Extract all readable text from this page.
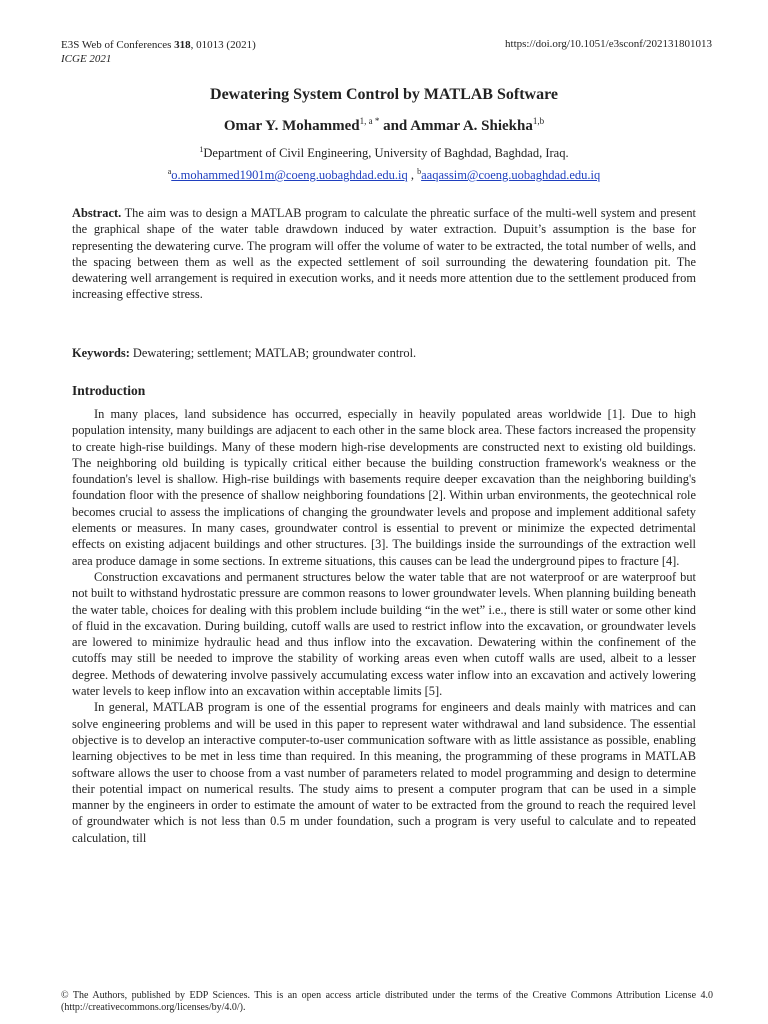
E3S Web of Conferences 318, 01013 (2021)
ICGE 2021
https://doi.org/10.1051/e3sconf/202131801013
Dewatering System Control by MATLAB Software
Omar Y. Mohammed$^{1, a *}$ and Ammar A. Shiekha$^{1,b}$
$^1$Department of Civil Engineering, University of Baghdad, Baghdad, Iraq.
$^a$o.mohammed1901m@coeng.uobaghdad.edu.iq , $^b$aaqassim@coeng.uobaghdad.edu.iq
Abstract. The aim was to design a MATLAB program to calculate the phreatic surface of the multi-well system and present the graphical shape of the water table drawdown induced by water extraction. Dupuit’s assumption is the base for representing the dewatering curve. The program will offer the volume of water to be extracted, the total number of wells, and the spacing between them as well as the expected settlement of soil surrounding the dewatering foundation pit. The dewatering well arrangement is required in execution works, and it needs more attention due to the settlement produced from increasing effective stress.
Keywords: Dewatering; settlement; MATLAB; groundwater control.
Introduction

In many places, land subsidence has occurred, especially in heavily populated areas worldwide [1]. Due to high population intensity, many buildings are adjacent to each other in the same block area. These factors increased the propensity to create high-rise buildings. Many of these modern high-rise developments are constructed next to existing old buildings. The neighboring old building is typically critical either because the building construction framework's weakness or the foundation's level is shallow. High-rise buildings with basements require deeper excavation than the neighboring building's foundation floor with the presence of shallow neighboring foundations [2]. Within urban environments, the geotechnical role becomes crucial to assess the implications of changing the groundwater levels and propose and implement additional safety elements or measures. In many cases, groundwater control is essential to prevent or minimize the expected detrimental effects on existing adjacent buildings and other structures. [3]. The buildings inside the surroundings of the extraction well area produce damage in some sections. In extreme situations, this causes can be lead the underground pipes to fracture [4].

Construction excavations and permanent structures below the water table that are not waterproof or are waterproof but not built to withstand hydrostatic pressure are common reasons to lower groundwater levels. When planning building beneath the water table, choices for dealing with this problem include building “in the wet” i.e., there is still water or some other kind of fluid in the excavation. During building, cutoff walls are used to restrict inflow into the excavation, or groundwater levels are lowered to minimize hydraulic head and thus inflow into the excavation. Dewatering within the confinement of the cutoffs may still be needed to improve the stability of working areas even when cutoff walls are used, albeit to a lesser degree. Methods of dewatering involve passively accumulating excess water inflow into an excavation and actively lowering water levels to keep inflow into an excavation within acceptable limits [5].

In general, MATLAB program is one of the essential programs for engineers and deals mainly with matrices and can solve engineering problems and will be used in this paper to represent water withdrawal and land subsidence. The essential objective is to develop an interactive computer-to-user communication software with as little assistance as possible, enabling learning objectives to be met in less time than required. In this meaning, the programming of these programs in MATLAB software allows the user to choose from a vast number of parameters related to model programming and design to determine their potential impact on numerical results. The study aims to present a computer program that can be used in a simple manner by the engineers in order to estimate the amount of water to be extracted from the ground to reach the required level of groundwater which is not less than 0.5 m under foundation, such a program is very useful to calculate and to repeated calculation, till

© The Authors, published by EDP Sciences. This is an open access article distributed under the terms of the Creative Commons Attribution License 4.0 (http://creativecommons.org/licenses/by/4.0/).
